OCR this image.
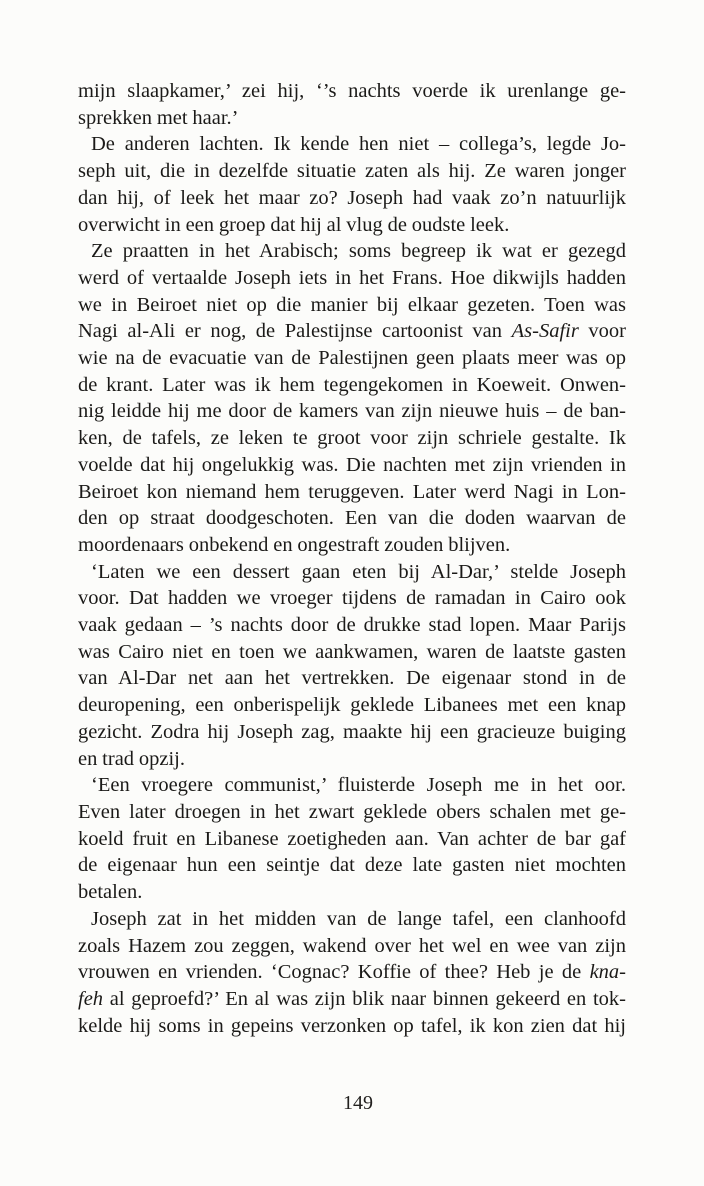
mijn slaapkamer,’ zei hij, ‘’s nachts voerde ik urenlange ge-
sprekken met haar.’
De anderen lachten. Ik kende hen niet – collega’s, legde Jo-
seph uit, die in dezelfde situatie zaten als hij. Ze waren jonger
dan hij, of leek het maar zo? Joseph had vaak zo’n natuurlijk
overwicht in een groep dat hij al vlug de oudste leek.
Ze praatten in het Arabisch; soms begreep ik wat er gezegd
werd of vertaalde Joseph iets in het Frans. Hoe dikwijls hadden
we in Beiroet niet op die manier bij elkaar gezeten. Toen was
Nagi al-Ali er nog, de Palestijnse cartoonist van As-Safir voor
wie na de evacuatie van de Palestijnen geen plaats meer was op
de krant. Later was ik hem tegengekomen in Koeweit. Onwen-
nig leidde hij me door de kamers van zijn nieuwe huis – de ban-
ken, de tafels, ze leken te groot voor zijn schriele gestalte. Ik
voelde dat hij ongelukkig was. Die nachten met zijn vrienden in
Beiroet kon niemand hem teruggeven. Later werd Nagi in Lon-
den op straat doodgeschoten. Een van die doden waarvan de
moordenaars onbekend en ongestraft zouden blijven.
‘Laten we een dessert gaan eten bij Al-Dar,’ stelde Joseph
voor. Dat hadden we vroeger tijdens de ramadan in Cairo ook
vaak gedaan – ’s nachts door de drukke stad lopen. Maar Parijs
was Cairo niet en toen we aankwamen, waren de laatste gasten
van Al-Dar net aan het vertrekken. De eigenaar stond in de
deuropening, een onberispelijk geklede Libanees met een knap
gezicht. Zodra hij Joseph zag, maakte hij een gracieuze buiging
en trad opzij.
‘Een vroegere communist,’ fluisterde Joseph me in het oor.
Even later droegen in het zwart geklede obers schalen met ge-
koeld fruit en Libanese zoetigheden aan. Van achter de bar gaf
de eigenaar hun een seintje dat deze late gasten niet mochten
betalen.
Joseph zat in het midden van de lange tafel, een clanhoofd
zoals Hazem zou zeggen, wakend over het wel en wee van zijn
vrouwen en vrienden. ‘Cognac? Koffie of thee? Heb je de kna-
feh al geproefd?’ En al was zijn blik naar binnen gekeerd en tok-
kelde hij soms in gepeins verzonken op tafel, ik kon zien dat hij
149
